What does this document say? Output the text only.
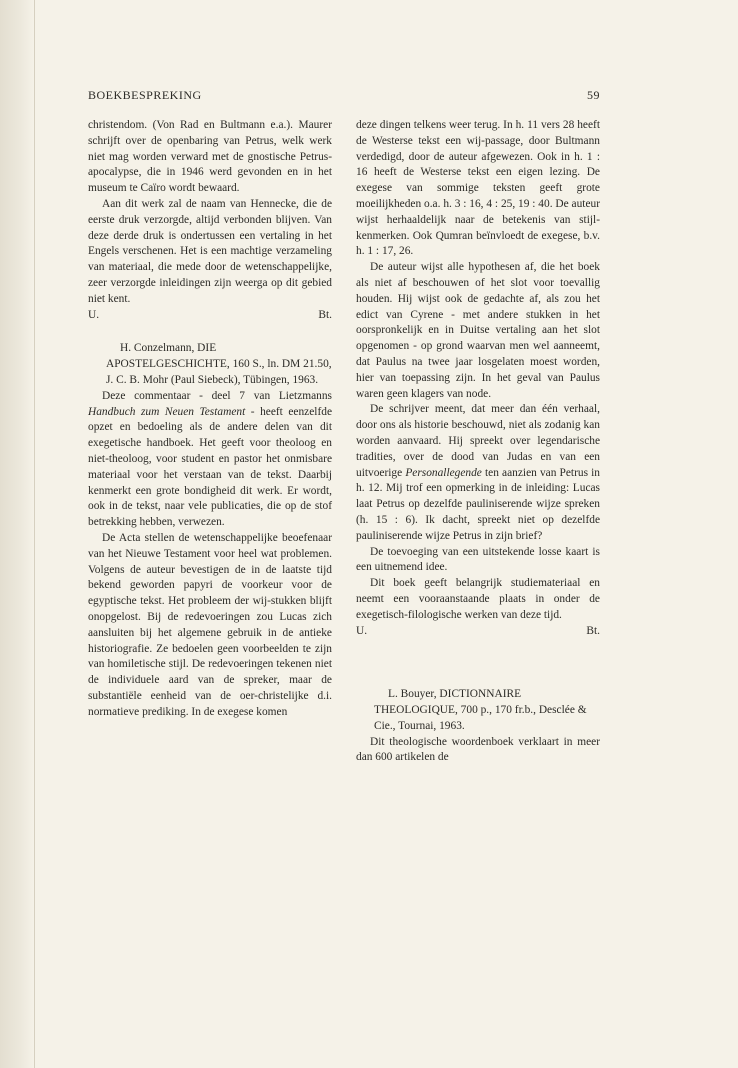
BOEKBESPREKING	59

christendom. (Von Rad en Bultmann e.a.). Maurer schrijft over de openbaring van Petrus, welk werk niet mag worden verward met de gnostische Petrus-apocalypse, die in 1946 werd gevonden en in het museum te Caïro wordt bewaard.

Aan dit werk zal de naam van Hennecke, die de eerste druk verzorgde, altijd verbonden blijven. Van deze derde druk is ondertussen een vertaling in het Engels verschenen. Het is een machtige verzameling van materiaal, die mede door de wetenschappelijke, zeer verzorgde inleidingen zijn weerga op dit gebied niet kent.

U.	Bt.

H. Conzelmann, DIE APOSTELGESCHICHTE, 160 S., ln. DM 21.50, J. C. B. Mohr (Paul Siebeck), Tübingen, 1963.

Deze commentaar - deel 7 van Lietzmanns Handbuch zum Neuen Testament - heeft eenzelfde opzet en bedoeling als de andere delen van dit exegetische handboek. Het geeft voor theoloog en niet-theoloog, voor student en pastor het onmisbare materiaal voor het verstaan van de tekst. Daarbij kenmerkt een grote bondigheid dit werk. Er wordt, ook in de tekst, naar vele publicaties, die op de stof betrekking hebben, verwezen.

De Acta stellen de wetenschappelijke beoefenaar van het Nieuwe Testament voor heel wat problemen. Volgens de auteur bevestigen de in de laatste tijd bekend geworden papyri de voorkeur voor de egyptische tekst. Het probleem der wij-stukken blijft onopgelost. Bij de redevoeringen zou Lucas zich aansluiten bij het algemene gebruik in de antieke historiografie. Ze bedoelen geen voorbeelden te zijn van homiletische stijl. De redevoeringen tekenen niet de individuele aard van de spreker, maar de substantiële eenheid van de oer-christelijke d.i. normatieve prediking. In de exegese komen

deze dingen telkens weer terug. In h. 11 vers 28 heeft de Westerse tekst een wij-passage, door Bultmann verdedigd, door de auteur afgewezen. Ook in h. 1 : 16 heeft de Westerse tekst een eigen lezing. De exegese van sommige teksten geeft grote moeilijkheden o.a. h. 3 : 16, 4 : 25, 19 : 40. De auteur wijst herhaaldelijk naar de betekenis van stijl-kenmerken. Ook Qumran beïnvloedt de exegese, b.v. h. 1 : 17, 26.

De auteur wijst alle hypothesen af, die het boek als niet af beschouwen of het slot voor toevallig houden. Hij wijst ook de gedachte af, als zou het edict van Cyrene - met andere stukken in het oorspronkelijk en in Duitse vertaling aan het slot opgenomen - op grond waarvan men wel aanneemt, dat Paulus na twee jaar losgelaten moest worden, hier van toepassing zijn. In het geval van Paulus waren geen klagers van node.

De schrijver meent, dat meer dan één verhaal, door ons als historie beschouwd, niet als zodanig kan worden aanvaard. Hij spreekt over legendarische tradities, over de dood van Judas en van een uitvoerige Personallegende ten aanzien van Petrus in h. 12. Mij trof een opmerking in de inleiding: Lucas laat Petrus op dezelfde pauliniserende wijze spreken (h. 15 : 6). Ik dacht, spreekt niet op dezelfde pauliniserende wijze Petrus in zijn brief?

De toevoeging van een uitstekende losse kaart is een uitnemend idee.

Dit boek geeft belangrijk studiemateriaal en neemt een vooraanstaande plaats in onder de exegetisch-filologische werken van deze tijd.

U.	Bt.

L. Bouyer, DICTIONNAIRE THEOLOGIQUE, 700 p., 170 fr.b., Desclée & Cie., Tournai, 1963.

Dit theologische woordenboek verklaart in meer dan 600 artikelen de
